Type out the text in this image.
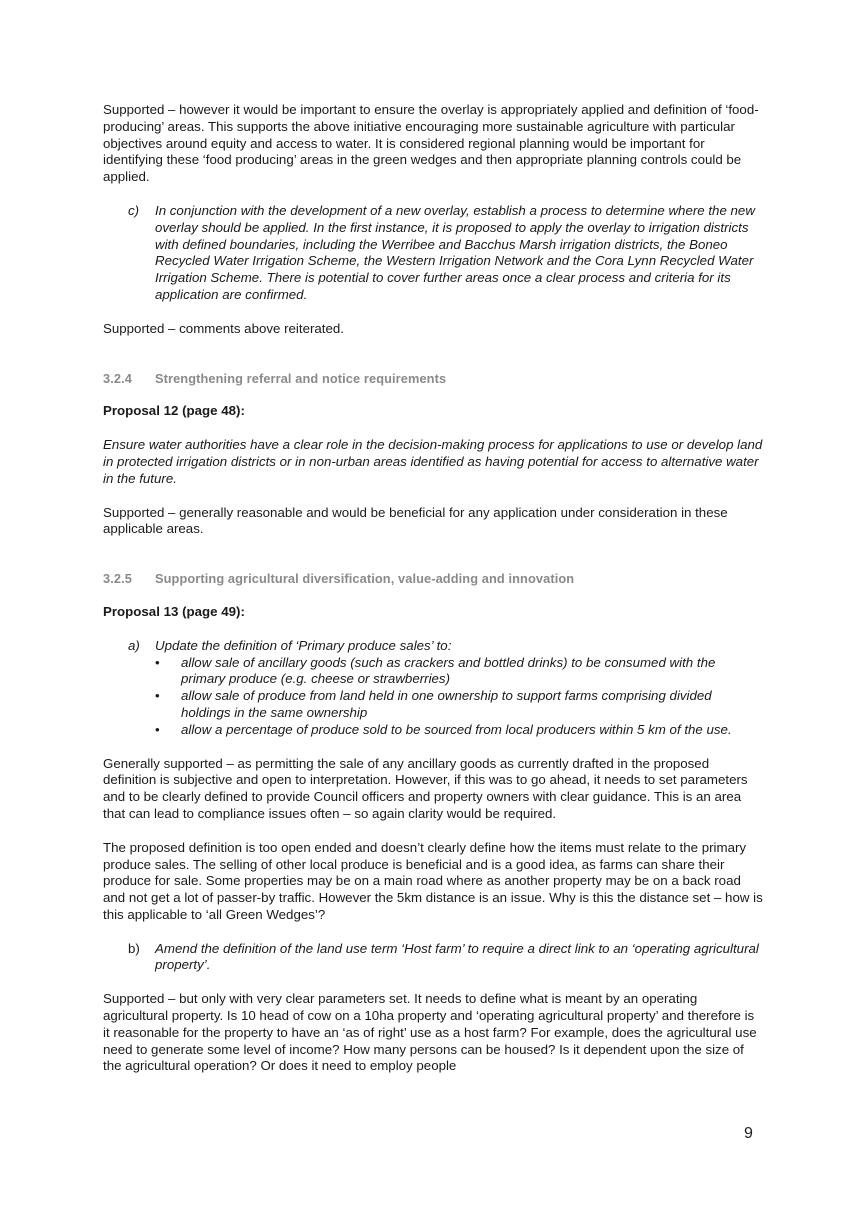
Supported – however it would be important to ensure the overlay is appropriately applied and definition of ‘food-producing’ areas. This supports the above initiative encouraging more sustainable agriculture with particular objectives around equity and access to water. It is considered regional planning would be important for identifying these ‘food producing’ areas in the green wedges and then appropriate planning controls could be applied.

c) In conjunction with the development of a new overlay, establish a process to determine where the new overlay should be applied. In the first instance, it is proposed to apply the overlay to irrigation districts with defined boundaries, including the Werribee and Bacchus Marsh irrigation districts, the Boneo Recycled Water Irrigation Scheme, the Western Irrigation Network and the Cora Lynn Recycled Water Irrigation Scheme. There is potential to cover further areas once a clear process and criteria for its application are confirmed.

Supported – comments above reiterated.

3.2.4 Strengthening referral and notice requirements

Proposal 12 (page 48):

Ensure water authorities have a clear role in the decision-making process for applications to use or develop land in protected irrigation districts or in non-urban areas identified as having potential for access to alternative water in the future.

Supported – generally reasonable and would be beneficial for any application under consideration in these applicable areas.

3.2.5 Supporting agricultural diversification, value-adding and innovation

Proposal 13 (page 49):

a) Update the definition of ‘Primary produce sales’ to:

• allow sale of ancillary goods (such as crackers and bottled drinks) to be consumed with the primary produce (e.g. cheese or strawberries)
• allow sale of produce from land held in one ownership to support farms comprising divided holdings in the same ownership
• allow a percentage of produce sold to be sourced from local producers within 5 km of the use.

Generally supported – as permitting the sale of any ancillary goods as currently drafted in the proposed definition is subjective and open to interpretation. However, if this was to go ahead, it needs to set parameters and to be clearly defined to provide Council officers and property owners with clear guidance. This is an area that can lead to compliance issues often – so again clarity would be required.

The proposed definition is too open ended and doesn’t clearly define how the items must relate to the primary produce sales. The selling of other local produce is beneficial and is a good idea, as farms can share their produce for sale. Some properties may be on a main road where as another property may be on a back road and not get a lot of passer-by traffic. However the 5km distance is an issue. Why is this the distance set – how is this applicable to ‘all Green Wedges’?

b) Amend the definition of the land use term ‘Host farm’ to require a direct link to an ‘operating agricultural property’.

Supported – but only with very clear parameters set. It needs to define what is meant by an operating agricultural property. Is 10 head of cow on a 10ha property and ‘operating agricultural property’ and therefore is it reasonable for the property to have an ‘as of right’ use as a host farm? For example, does the agricultural use need to generate some level of income? How many persons can be housed? Is it dependent upon the size of the agricultural operation? Or does it need to employ people

9
